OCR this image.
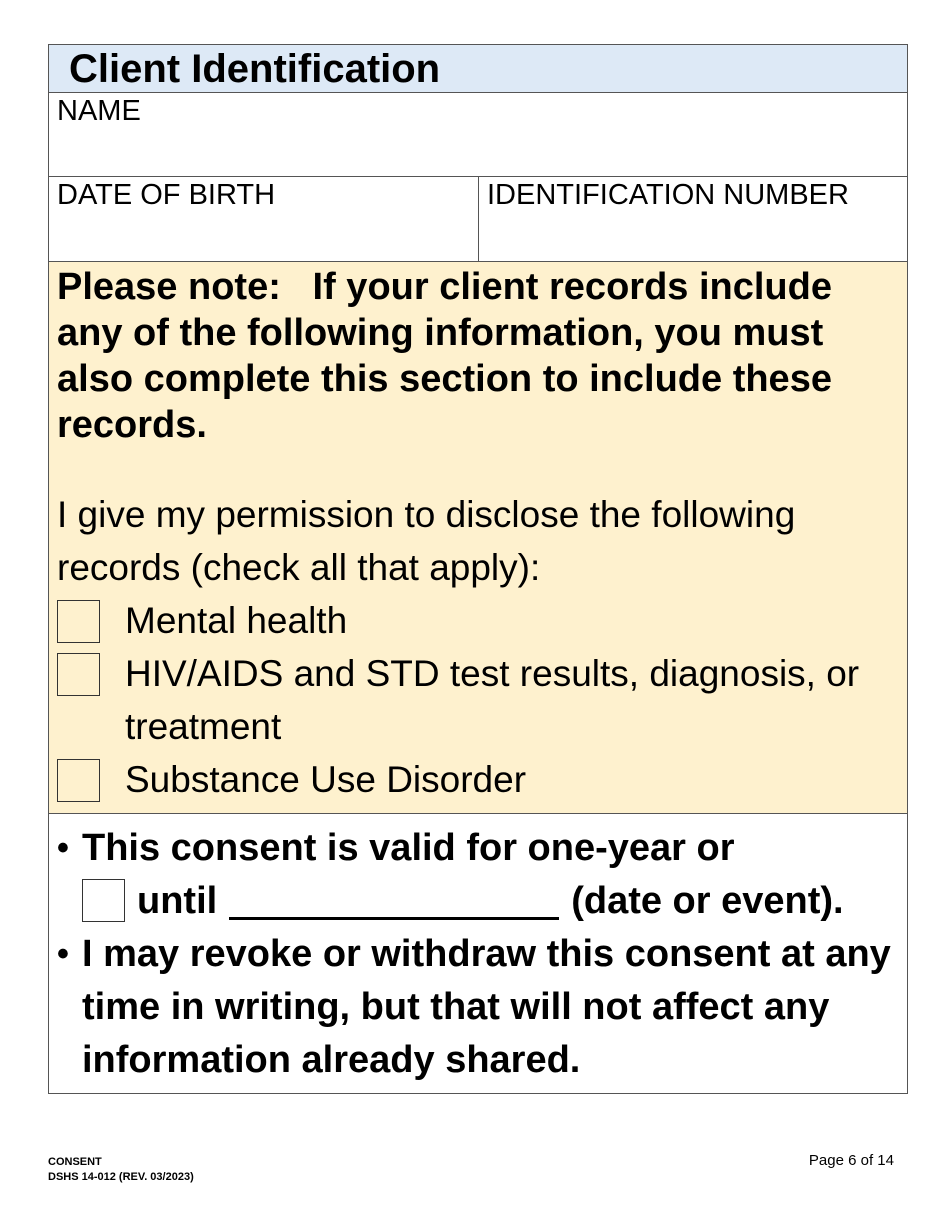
Client Identification
NAME
DATE OF BIRTH	IDENTIFICATION NUMBER

Please note:   If your client records include any of the following information, you must also complete this section to include these records.

I give my permission to disclose the following records (check all that apply):

Mental health
HIV/AIDS and STD test results, diagnosis, or treatment
Substance Use Disorder
• This consent is valid for one-year or
until	(date or event).
• I may revoke or withdraw this consent at any time in writing, but that will not affect any information already shared.
CONSENT
DSHS 14-012 (REV. 03/2023)
Page 6 of 14
